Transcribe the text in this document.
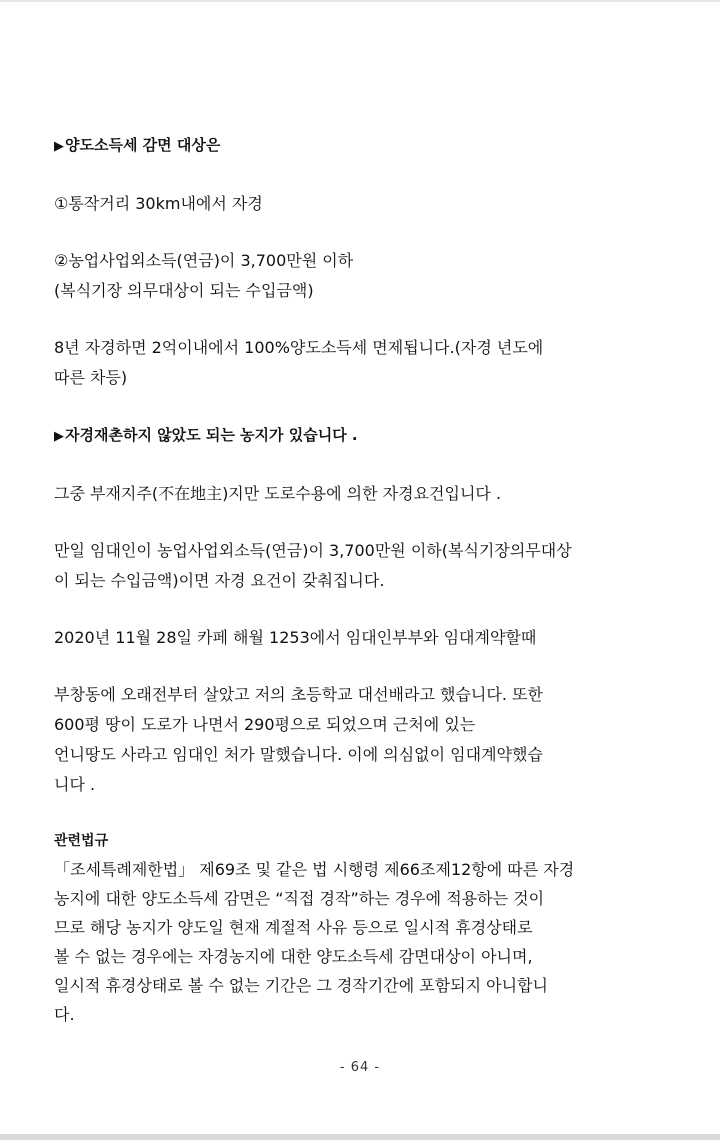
▶양도소득세 감면 대상은

①통작거리 30km내에서 자경

②농업사업외소득(연금)이 3,700만원 이하

(복식기장 의무대상이 되는 수입금액)

8년 자경하면 2억이내에서 100%양도소득세 면제됩니다.(자경 년도에

따른 차등)

▶자경재촌하지 않았도 되는 농지가 있습니다 .

그중 부재지주(不在地主)지만 도로수용에 의한 자경요건입니다 .

만일 임대인이 농업사업외소득(연금)이 3,700만원 이하(복식기장의무대상

이 되는 수입금액)이면 자경 요건이 갖춰집니다.

2020년 11월 28일 카페 해월 1253에서 임대인부부와 임대계약할때

부창동에 오래전부터 살았고 저의 초등학교 대선배라고 했습니다. 또한

600평 땅이 도로가 나면서 290평으로 되었으며 근처에 있는

언니땅도 사라고 임대인 처가 말했습니다. 이에 의심없이 임대계약했습

니다 .

관련법규

「조세특례제한법」 제69조 및 같은 법 시행령 제66조제12항에 따른 자경

농지에 대한 양도소득세 감면은 “직접 경작”하는 경우에 적용하는 것이

므로 해당 농지가 양도일 현재 계절적 사유 등으로 일시적 휴경상태로

볼 수 없는 경우에는 자경농지에 대한 양도소득세 감면대상이 아니며,

일시적 휴경상태로 볼 수 없는 기간은 그 경작기간에 포함되지 아니합니

다.

- 64 -
